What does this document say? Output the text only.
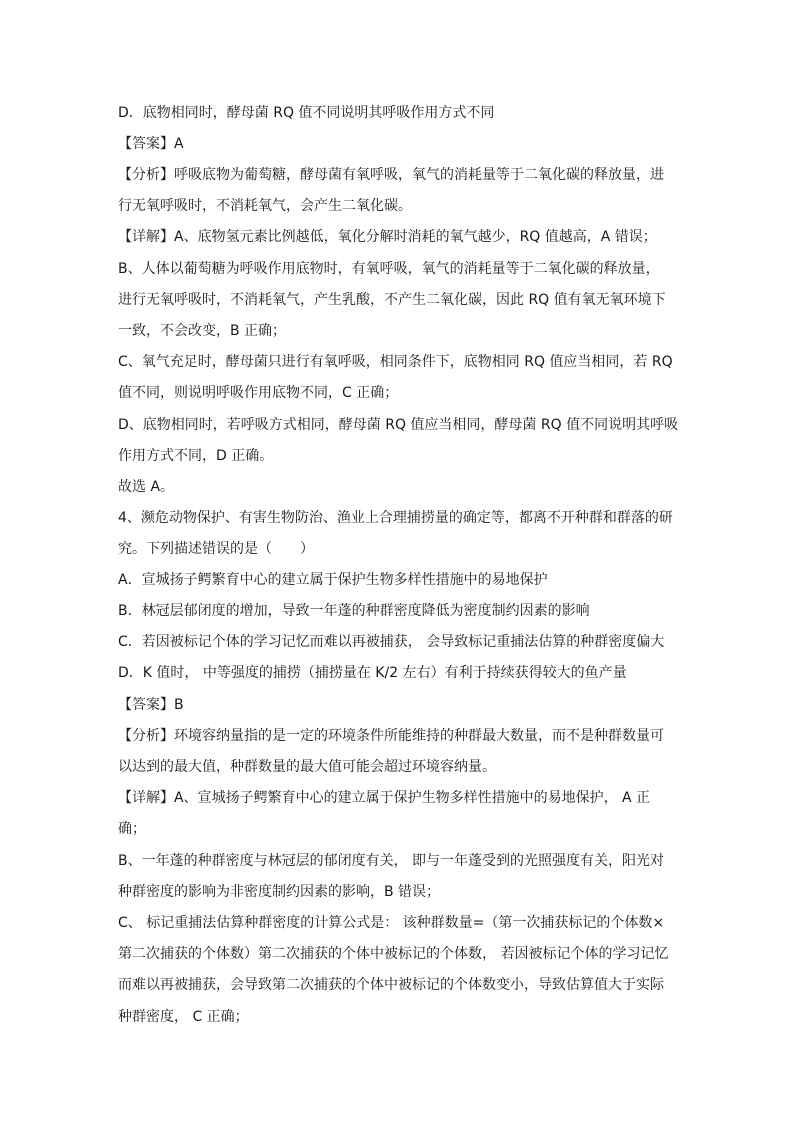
D．底物相同时，酵母菌 RQ 值不同说明其呼吸作用方式不同
【答案】A
【分析】呼吸底物为葡萄糖，酵母菌有氧呼吸，氧气的消耗量等于二氧化碳的释放量，进
行无氧呼吸时，不消耗氧气，会产生二氧化碳。
【详解】A、底物氢元素比例越低，氧化分解时消耗的氧气越少，RQ 值越高，A 错误；
B、人体以葡萄糖为呼吸作用底物时，有氧呼吸，氧气的消耗量等于二氧化碳的释放量，
进行无氧呼吸时，不消耗氧气，产生乳酸，不产生二氧化碳，因此 RQ 值有氧无氧环境下
一致，不会改变，B 正确；
C、氧气充足时，酵母菌只进行有氧呼吸，相同条件下，底物相同 RQ 值应当相同，若 RQ
值不同，则说明呼吸作用底物不同，C 正确；
D、底物相同时，若呼吸方式相同，酵母菌 RQ 值应当相同，酵母菌 RQ 值不同说明其呼吸
作用方式不同，D 正确。
故选 A。
4、濒危动物保护、有害生物防治、渔业上合理捕捞量的确定等，都离不开种群和群落的研
究。下列描述错误的是（　　）
A．宣城扬子鳄繁育中心的建立属于保护生物多样性措施中的易地保护
B．林冠层郁闭度的增加，导致一年蓬的种群密度降低为密度制约因素的影响
C．若因被标记个体的学习记忆而难以再被捕获， 会导致标记重捕法估算的种群密度偏大
D．K 值时， 中等强度的捕捞（捕捞量在 K/2 左右）有利于持续获得较大的鱼产量
【答案】B
【分析】环境容纳量指的是一定的环境条件所能维持的种群最大数量，而不是种群数量可
以达到的最大值，种群数量的最大值可能会超过环境容纳量。
【详解】A、宣城扬子鳄繁育中心的建立属于保护生物多样性措施中的易地保护， A 正
确；
B、一年蓬的种群密度与林冠层的郁闭度有关， 即与一年蓬受到的光照强度有关，阳光对
种群密度的影响为非密度制约因素的影响，B 错误；
C、 标记重捕法估算种群密度的计算公式是： 该种群数量=（第一次捕获标记的个体数×
第二次捕获的个体数）第二次捕获的个体中被标记的个体数， 若因被标记个体的学习记忆
而难以再被捕获，会导致第二次捕获的个体中被标记的个体数变小，导致估算值大于实际
种群密度， C 正确；
